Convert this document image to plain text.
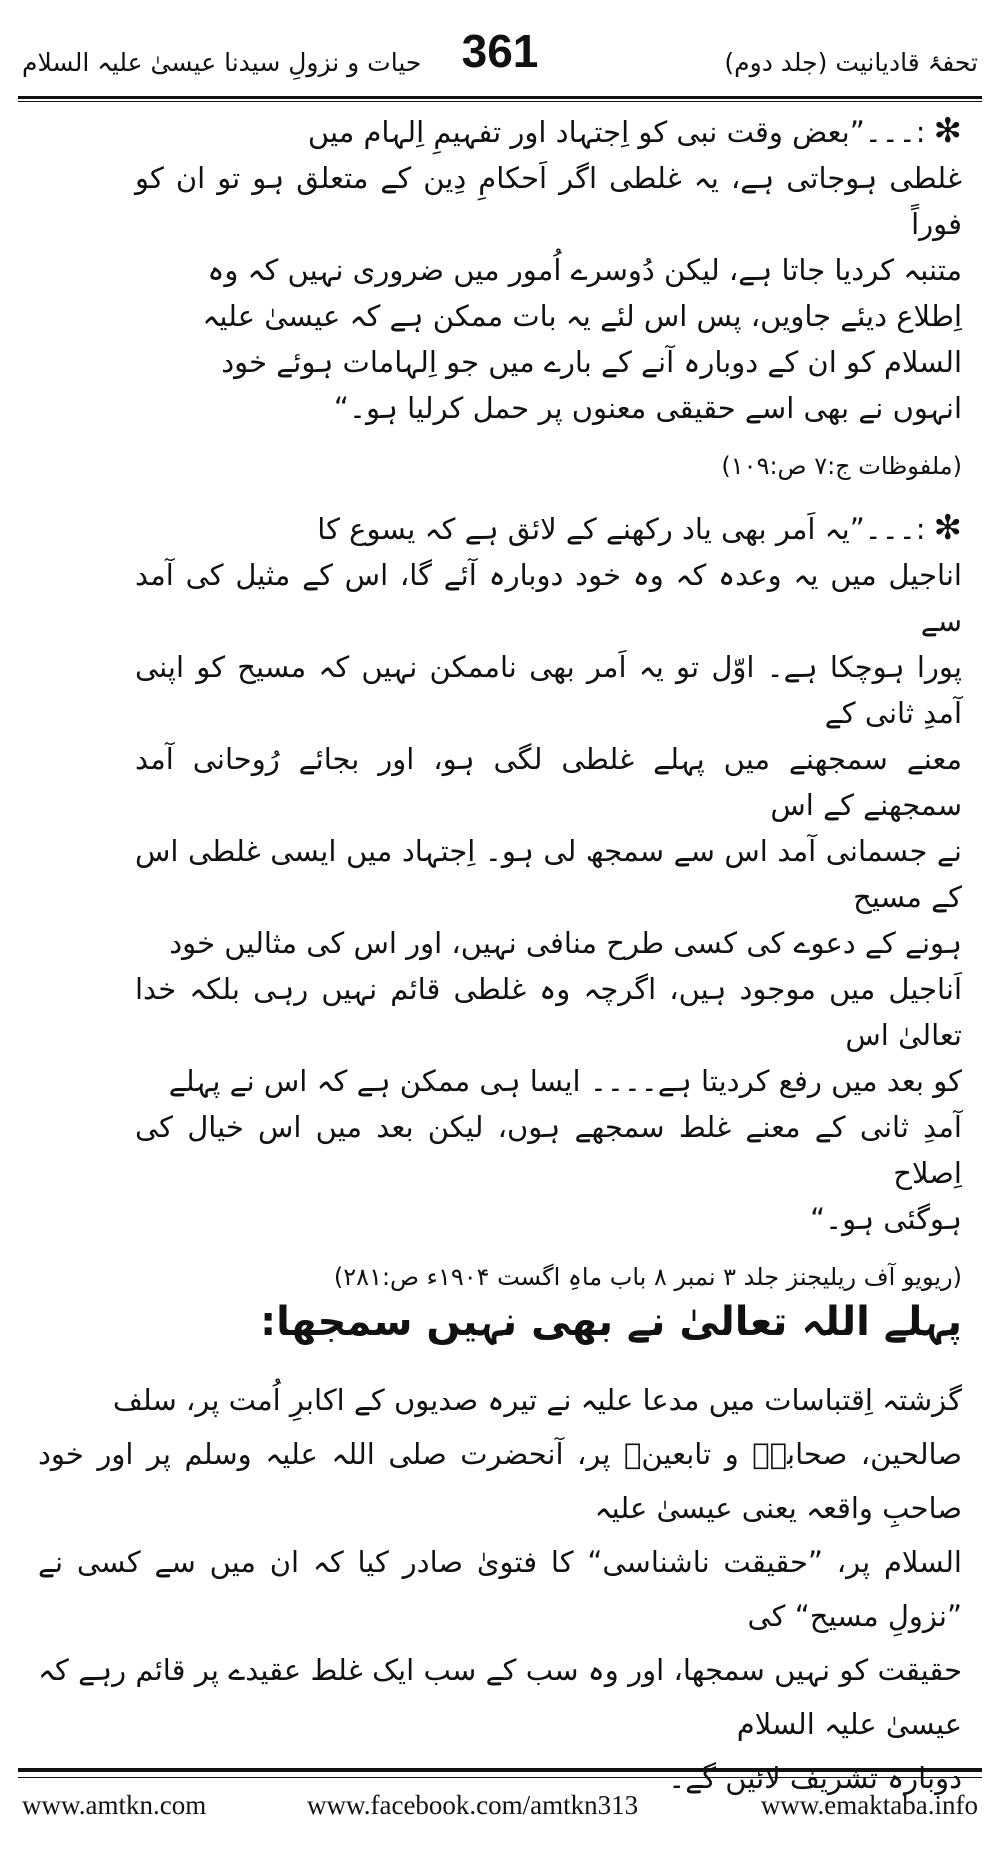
تحفۂ قادیانیت (جلد دوم)
361
حیات و نزولِ سیدنا عیسیٰ علیہ السلام

✻:۔۔۔”بعض وقت نبی کو اِجتہاد اور تفہیمِ اِلہام میں

غلطی ہوجاتی ہے، یہ غلطی اگر اَحکامِ دِین کے متعلق ہو تو ان کو فوراً

متنبہ کردیا جاتا ہے، لیکن دُوسرے اُمور میں ضروری نہیں کہ وہ

اِطلاع دیئے جاویں، پس اس لئے یہ بات ممکن ہے کہ عیسیٰ علیہ

السلام کو ان کے دوبارہ آنے کے بارے میں جو اِلہامات ہوئے خود

انہوں نے بھی اسے حقیقی معنوں پر حمل کرلیا ہو۔“

(ملفوظات ج:۷ ص:۱۰۹)

✻:۔۔۔”یہ اَمر بھی یاد رکھنے کے لائق ہے کہ یسوع کا

اناجیل میں یہ وعدہ کہ وہ خود دوبارہ آئے گا، اس کے مثیل کی آمد سے

پورا ہوچکا ہے۔ اوّل تو یہ اَمر بھی ناممکن نہیں کہ مسیح کو اپنی آمدِ ثانی کے

معنے سمجھنے میں پہلے غلطی لگی ہو، اور بجائے رُوحانی آمد سمجھنے کے اس

نے جسمانی آمد اس سے سمجھ لی ہو۔ اِجتہاد میں ایسی غلطی اس کے مسیح

ہونے کے دعوے کی کسی طرح منافی نہیں، اور اس کی مثالیں خود

اَناجیل میں موجود ہیں، اگرچہ وہ غلطی قائم نہیں رہی بلکہ خدا تعالیٰ اس

کو بعد میں رفع کردیتا ہے۔۔۔۔ ایسا ہی ممکن ہے کہ اس نے پہلے

آمدِ ثانی کے معنے غلط سمجھے ہوں، لیکن بعد میں اس خیال کی اِصلاح

ہوگئی ہو۔“

(ریویو آف ریلیجنز جلد ۳ نمبر ۸ باب ماہِ اگست ۱۹۰۴ء ص:۲۸۱)
پہلے اللہ تعالیٰ نے بھی نہیں سمجھا:

گزشتہ اِقتباسات میں مدعا علیہ نے تیرہ صدیوں کے اکابرِ اُمت پر، سلف

صالحین، صحابہؓ و تابعینؒ پر، آنحضرت صلی اللہ علیہ وسلم پر اور خود صاحبِ واقعہ یعنی عیسیٰ علیہ

السلام پر، ”حقیقت ناشناسی“ کا فتویٰ صادر کیا کہ ان میں سے کسی نے ”نزولِ مسیح“ کی

حقیقت کو نہیں سمجھا، اور وہ سب کے سب ایک غلط عقیدے پر قائم رہے کہ عیسیٰ علیہ السلام

دوبارہ تشریف لائیں گے۔

www.amtkn.com	www.facebook.com/amtkn313	www.emaktaba.info
